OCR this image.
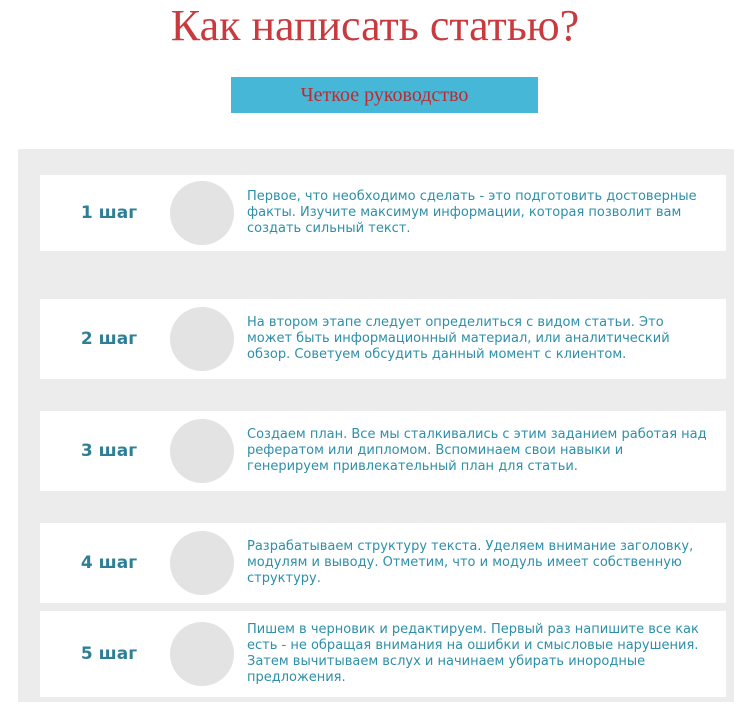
Как написать статью?
Четкое руководство
1 шаг
Первое, что необходимо сделать - это подготовить достоверные факты. Изучите максимум информации, которая позволит вам создать сильный текст.
2 шаг
На втором этапе следует определиться с видом статьи. Это может быть информационный материал, или аналитический обзор. Советуем обсудить данный момент с клиентом.
3 шаг
Создаем план. Все мы сталкивались с этим заданием работая над рефератом или дипломом. Вспоминаем свои навыки и генерируем привлекательный план для статьи.
4 шаг
Разрабатываем структуру текста. Уделяем внимание заголовку, модулям и выводу. Отметим, что и модуль имеет собственную структуру.
5 шаг
Пишем в черновик и редактируем. Первый раз напишите все как есть - не обращая внимания на ошибки и смысловые нарушения. Затем вычитываем вслух и начинаем убирать инородные предложения.
